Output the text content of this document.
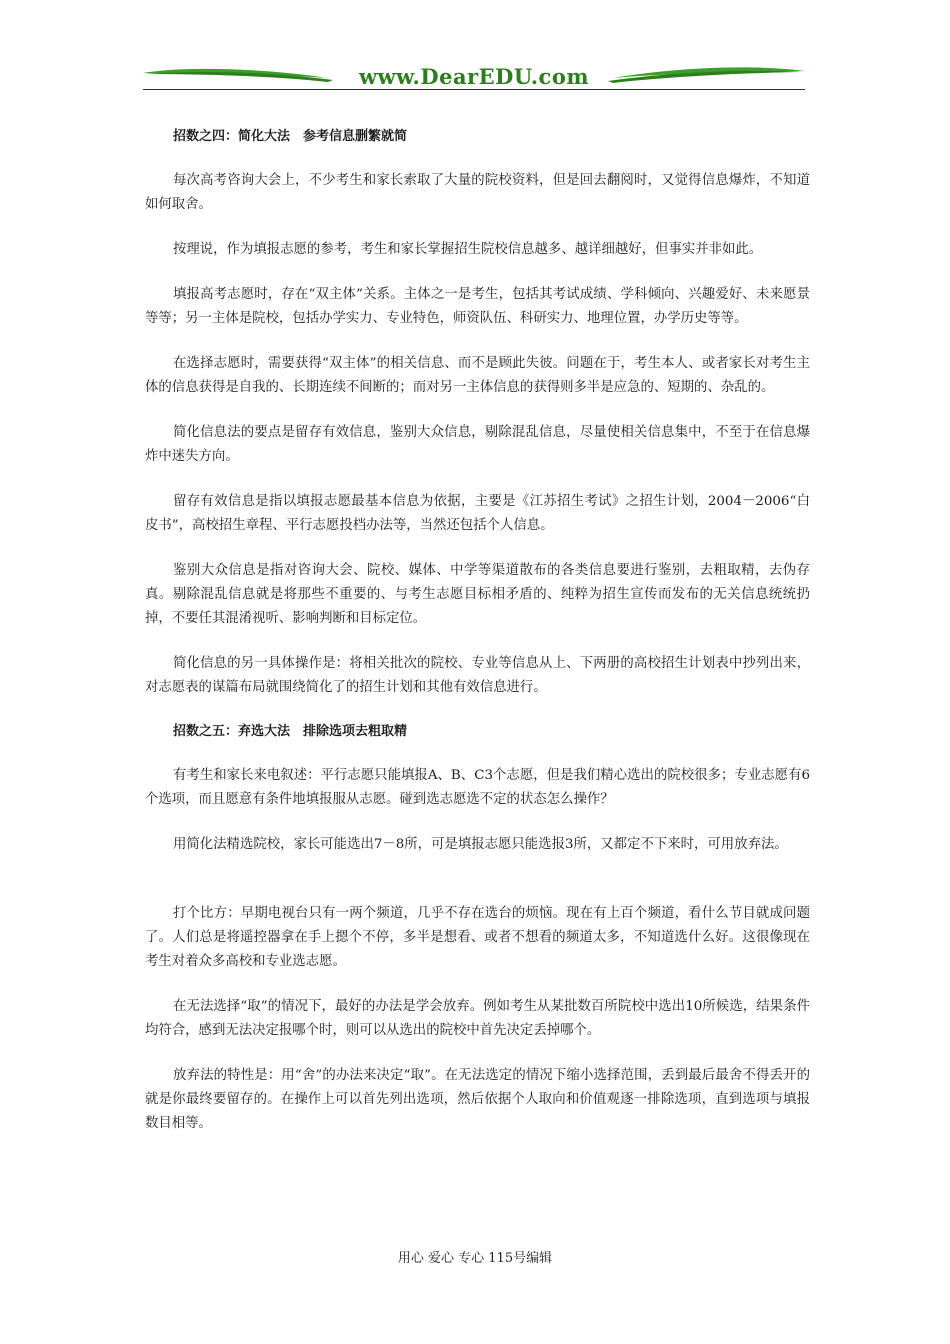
www.DearEDU.com
招数之四：简化大法　参考信息删繁就简

每次高考咨询大会上，不少考生和家长索取了大量的院校资料，但是回去翻阅时，又觉得信息爆炸，不知道如何取舍。

按理说，作为填报志愿的参考，考生和家长掌握招生院校信息越多、越详细越好，但事实并非如此。

填报高考志愿时，存在“双主体”关系。主体之一是考生，包括其考试成绩、学科倾向、兴趣爱好、未来愿景等等；另一主体是院校，包括办学实力、专业特色，师资队伍、科研实力、地理位置，办学历史等等。

在选择志愿时，需要获得“双主体”的相关信息、而不是顾此失彼。问题在于，考生本人、或者家长对考生主体的信息获得是自我的、长期连续不间断的；而对另一主体信息的获得则多半是应急的、短期的、杂乱的。

简化信息法的要点是留存有效信息，鉴别大众信息，剔除混乱信息，尽量使相关信息集中，不至于在信息爆炸中迷失方向。

留存有效信息是指以填报志愿最基本信息为依据，主要是《江苏招生考试》之招生计划，2004－2006“白皮书”，高校招生章程、平行志愿投档办法等，当然还包括个人信息。

鉴别大众信息是指对咨询大会、院校、媒体、中学等渠道散布的各类信息要进行鉴别，去粗取精，去伪存真。剔除混乱信息就是将那些不重要的、与考生志愿目标相矛盾的、纯粹为招生宣传而发布的无关信息统统扔掉，不要任其混淆视听、影响判断和目标定位。

简化信息的另一具体操作是：将相关批次的院校、专业等信息从上、下两册的高校招生计划表中抄列出来，对志愿表的谋篇布局就围绕简化了的招生计划和其他有效信息进行。

招数之五：弃选大法　排除选项去粗取精

有考生和家长来电叙述：平行志愿只能填报A、B、C3个志愿，但是我们精心选出的院校很多；专业志愿有6个选项，而且愿意有条件地填报服从志愿。碰到选志愿选不定的状态怎么操作？

用简化法精选院校，家长可能选出7－8所，可是填报志愿只能选报3所，又都定不下来时，可用放弃法。

打个比方：早期电视台只有一两个频道，几乎不存在选台的烦恼。现在有上百个频道，看什么节目就成问题了。人们总是将遥控器拿在手上摁个不停，多半是想看、或者不想看的频道太多，不知道选什么好。这很像现在考生对着众多高校和专业选志愿。

在无法选择“取”的情况下，最好的办法是学会放弃。例如考生从某批数百所院校中选出10所候选，结果条件均符合，感到无法决定报哪个时，则可以从选出的院校中首先决定丢掉哪个。

放弃法的特性是：用“舍”的办法来决定“取”。在无法选定的情况下缩小选择范围，丢到最后最舍不得丢开的就是你最终要留存的。在操作上可以首先列出选项，然后依据个人取向和价值观逐一排除选项，直到选项与填报数目相等。

用心 爱心 专心 115号编辑
